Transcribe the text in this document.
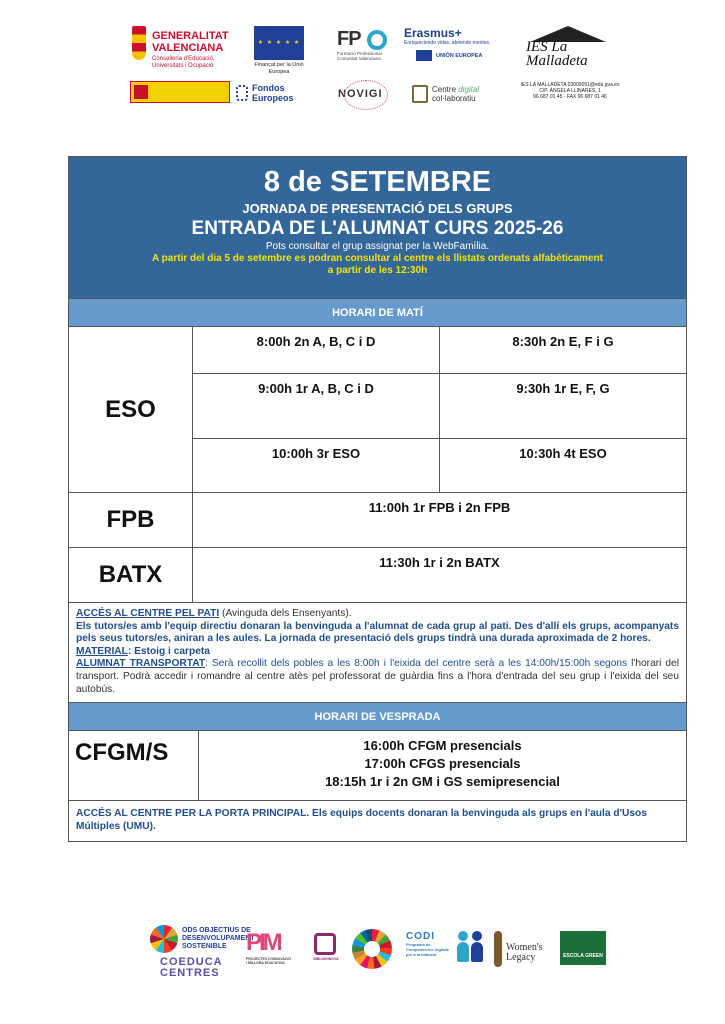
GENERALITAT VALENCIANA
Conselleria d'Educació, Universitats i Ocupació
★ ★ ★ ★ ★
Finançat per la Unió Europea
FP
Formació Professional Comunitat Valenciana
Erasmus+
Enriqueciendo vidas, abriendo mentes.
UNIÓN EUROPEA
IES La Malladeta
IES LA MALLADETA 03009051@edu.gva.es
C/P. ÀNGELA LLINARES, 1
96 687 01 45 - FAX 96 687 01 46
Fondos Europeos	NOVIGI	Centre digital
col·laboratiu
8 de SETEMBRE
JORNADA DE PRESENTACIÓ DELS GRUPS
ENTRADA DE L'ALUMNAT CURS 2025-26
Pots consultar el grup assignat per la WebFamília.
A partir del dia 5 de setembre es podran consultar al centre els llistats ordenats alfabèticament
a partir de les 12:30h
HORARI DE MATÍ
ESO
8:00h 2n A, B, C i D	8:30h 2n E, F i G
9:00h 1r A, B, C i D	9:30h 1r E, F, G
10:00h 3r ESO	10:30h 4t ESO
FPB	11:00h 1r FPB i 2n FPB
BATX	11:30h 1r i 2n BATX
ACCÉS AL CENTRE PEL PATI (Avinguda dels Ensenyants).
Els tutors/es amb l'equip directiu donaran la benvinguda a l'alumnat de cada grup al pati. Des d'allí els grups, acompanyats pels seus tutors/es, aniran a les aules. La jornada de presentació dels grups tindrà una durada aproximada de 2 hores.
MATERIAL: Estoig i carpeta
ALUMNAT TRANSPORTAT: Serà recollit dels pobles a les 8:00h i l'eixida del centre serà a les 14:00h/15:00h segons l'horari del transport. Podrà accedir i romandre al centre atès pel professorat de guàrdia fins a l'hora d'entrada del seu grup i l'eixida del seu autobús.
HORARI DE VESPRADA
CFGM/S	16:00h CFGM presencials
17:00h CFGS presencials
18:15h 1r i 2n GM i GS semipresencial
ACCÉS AL CENTRE PER LA PORTA PRINCIPAL. Els equips docents donaran la benvinguda als grups en l'aula d'Usos Múltiples (UMU).
ODS OBJECTIUS DE DESENVOLUPAMENT SOSTENIBLE
COEDUCA CENTRES
PIM
PROJECTES D'INNOVACIÓ I MILLORA EDUCATIVA
BIBLIOINNOVA
CODI
Programa de Competències Digitals per a la Infància
Women's Legacy	ESCOLA GREEN
